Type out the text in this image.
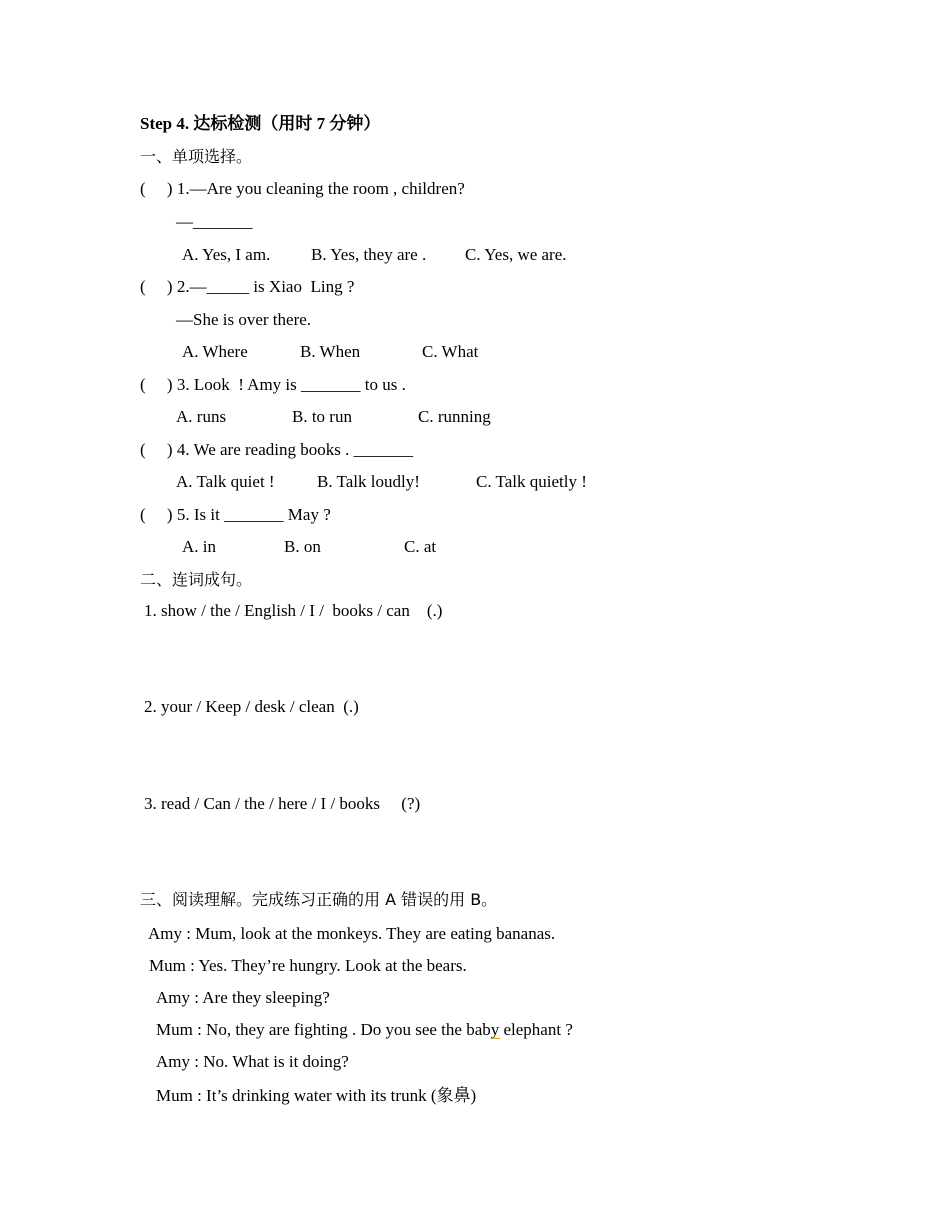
Step 4. 达标检测（用时 7 分钟）
一、单项选择。
(     ) 1.—Are you cleaning the room , children?
—_______
A. Yes, I am. B. Yes, they are . C. Yes, we are.
(     ) 2.—_____ is Xiao  Ling ?
—She is over there.
A. Where	B. When	C. What
(     ) 3. Look  ! Amy is _______ to us .
A. runs	B. to run	C. running
(     ) 4. We are reading books . _______
A. Talk quiet ! B. Talk loudly!	C. Talk quietly !
(     ) 5. Is it _______ May ?
A. in	B. on	C. at
二、连词成句。
1. show / the / English / I /  books / can    (.)
2. your / Keep / desk / clean  (.)
3. read / Can / the / here / I / books     (?)
三、阅读理解。完成练习正确的用 A 错误的用 B。
Amy : Mum, look at the monkeys. They are eating bananas.
Mum : Yes. They’re hungry. Look at the bears.
Amy : Are they sleeping?
Mum : No, they are fighting . Do you see the baby elephant ?
Amy : No. What is it doing?
Mum : It’s drinking water with its trunk (象鼻)
